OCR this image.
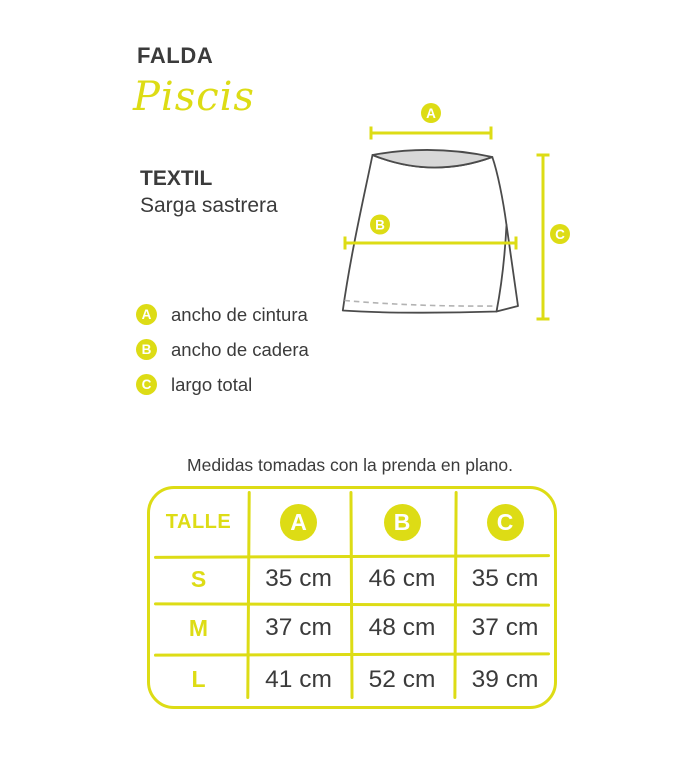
FALDA
Piscis
TEXTIL
Sarga sastrera
A
B
C
A	ancho de cintura
B	ancho de cadera
C	largo total
Medidas tomadas con la prenda en plano.
TALLE	A	B	C
S	35 cm	46 cm	35 cm
M	37 cm	48 cm	37 cm
L	41 cm	52 cm	39 cm
